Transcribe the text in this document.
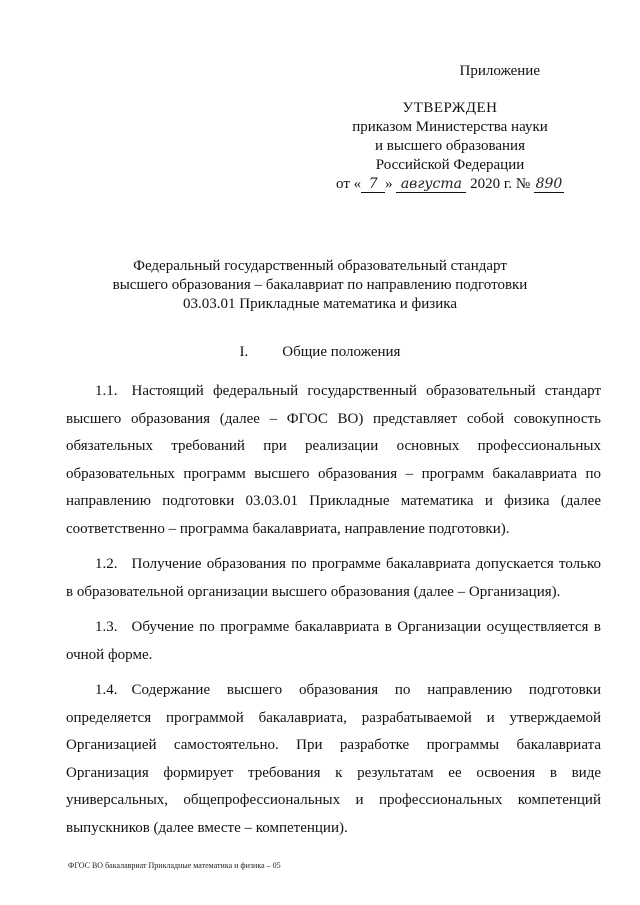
Приложение
УТВЕРЖДЕН
приказом Министерства науки
и высшего образования
Российской Федерации
от « 7 » августа 2020 г. № 890
Федеральный государственный образовательный стандарт
высшего образования – бакалавриат по направлению подготовки
03.03.01 Прикладные математика и физика
I. Общие положения

1.1. Настоящий федеральный государственный образовательный стандарт высшего образования (далее – ФГОС ВО) представляет собой совокупность обязательных требований при реализации основных профессиональных образовательных программ высшего образования – программ бакалавриата по направлению подготовки 03.03.01 Прикладные математика и физика (далее соответственно – программа бакалавриата, направление подготовки).

1.2. Получение образования по программе бакалавриата допускается только в образовательной организации высшего образования (далее – Организация).

1.3. Обучение по программе бакалавриата в Организации осуществляется в очной форме.

1.4. Содержание высшего образования по направлению подготовки определяется программой бакалавриата, разрабатываемой и утверждаемой Организацией самостоятельно. При разработке программы бакалавриата Организация формирует требования к результатам ее освоения в виде универсальных, общепрофессиональных и профессиональных компетенций выпускников (далее вместе – компетенции).

ФГОС ВО бакалавриат Прикладные математика и физика – 05
